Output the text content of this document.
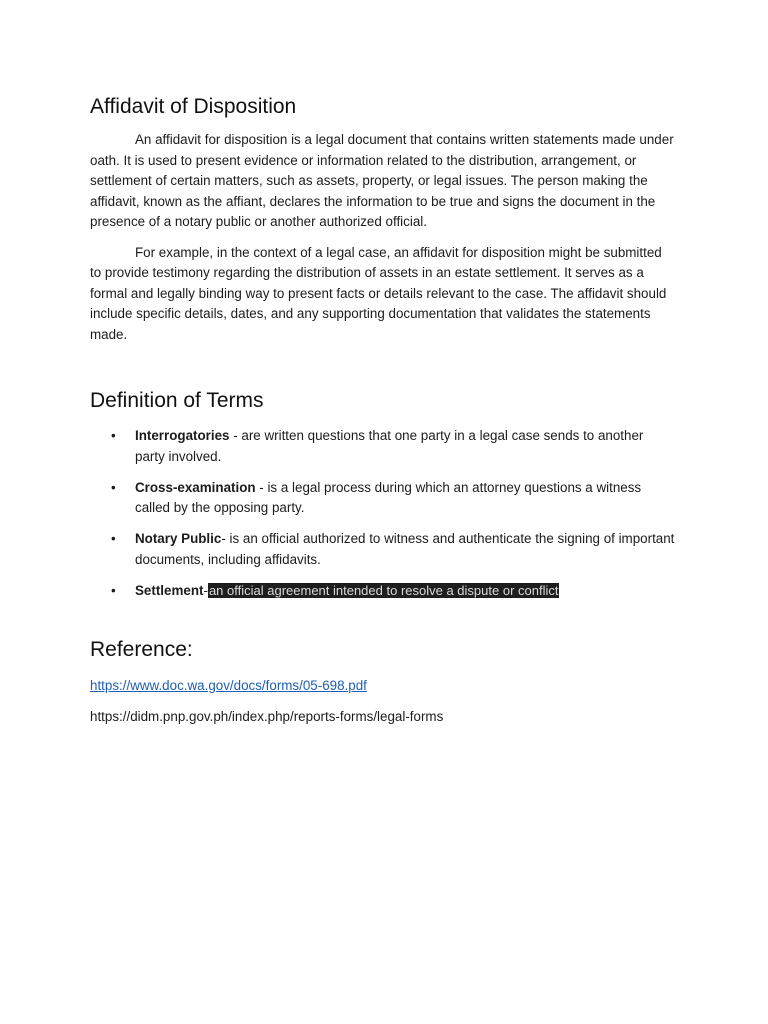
Affidavit of Disposition

An affidavit for disposition is a legal document that contains written statements made under oath. It is used to present evidence or information related to the distribution, arrangement, or settlement of certain matters, such as assets, property, or legal issues. The person making the affidavit, known as the affiant, declares the information to be true and signs the document in the presence of a notary public or another authorized official.

For example, in the context of a legal case, an affidavit for disposition might be submitted to provide testimony regarding the distribution of assets in an estate settlement. It serves as a formal and legally binding way to present facts or details relevant to the case. The affidavit should include specific details, dates, and any supporting documentation that validates the statements made.

Definition of Terms
• Interrogatories - are written questions that one party in a legal case sends to another party involved.
• Cross-examination - is a legal process during which an attorney questions a witness called by the opposing party.
• Notary Public- is an official authorized to witness and authenticate the signing of important documents, including affidavits.
• Settlement-an official agreement intended to resolve a dispute or conflict
Reference:

https://www.doc.wa.gov/docs/forms/05-698.pdf

https://didm.pnp.gov.ph/index.php/reports-forms/legal-forms
